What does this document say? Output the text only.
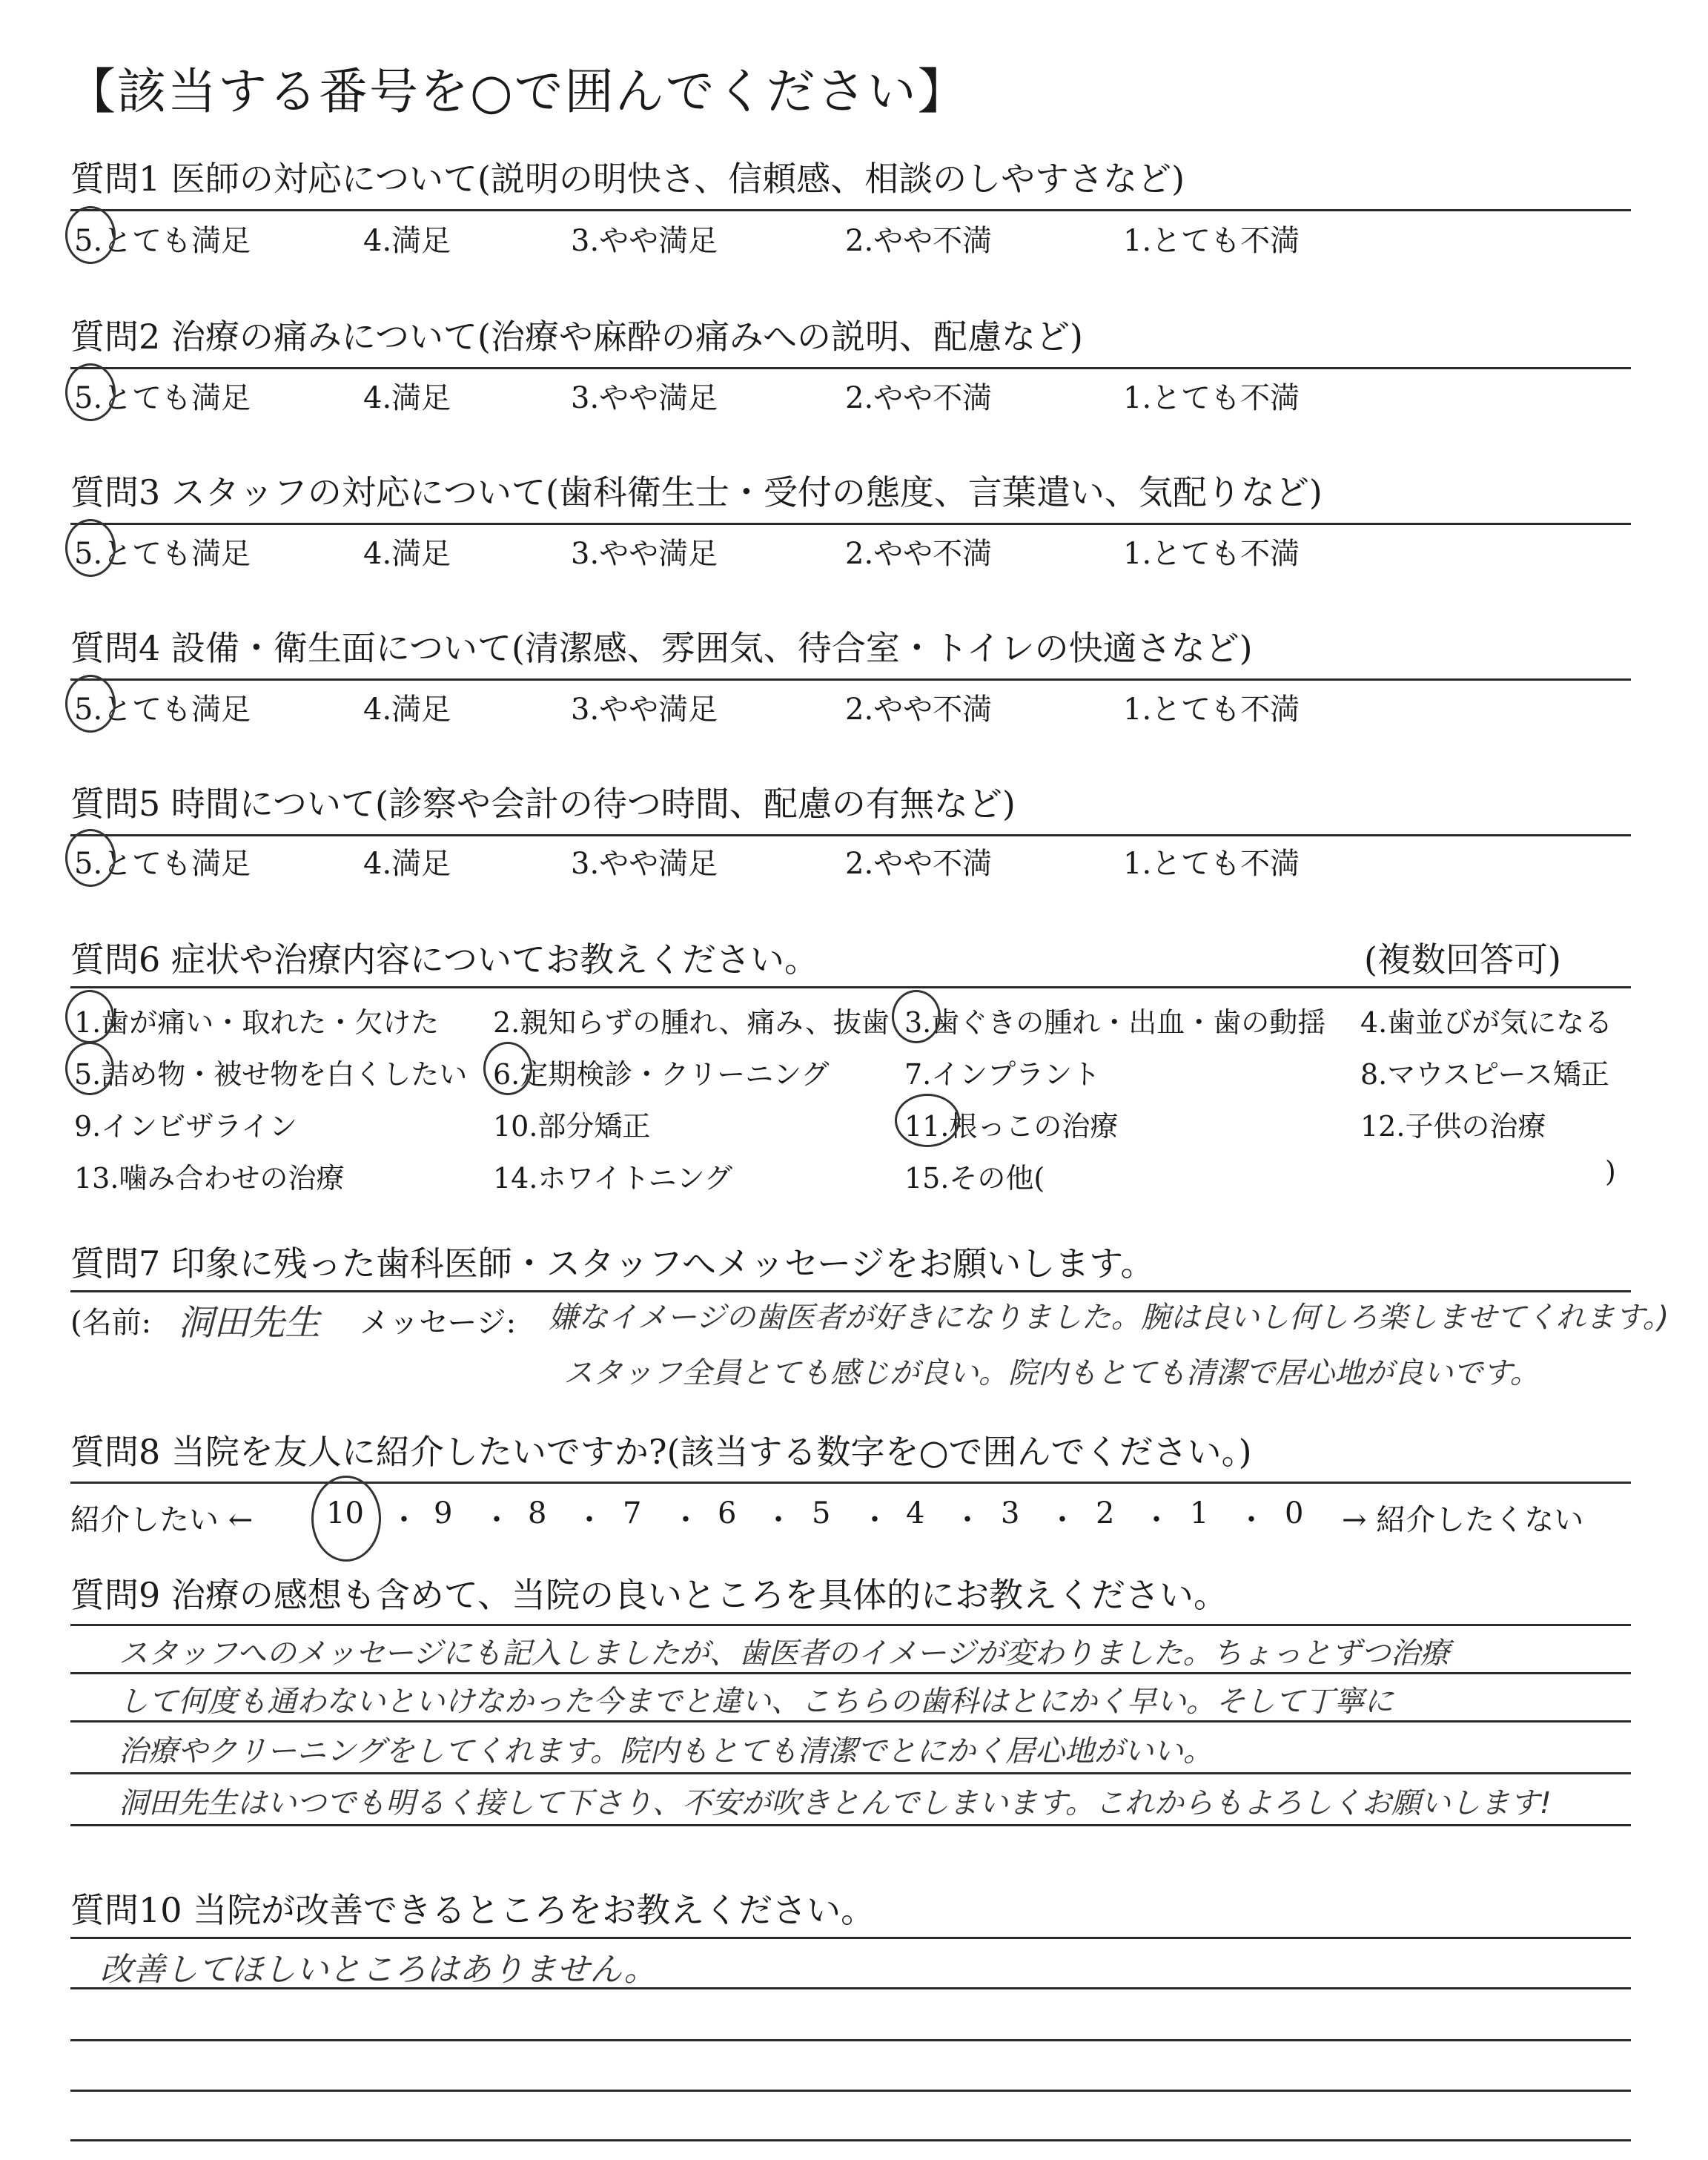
【該当する番号を○で囲んでください】
質問1 医師の対応について(説明の明快さ、信頼感、相談のしやすさなど)
5.とても満足	4.満足	3.やや満足	2.やや不満	1.とても不満
質問2 治療の痛みについて(治療や麻酔の痛みへの説明、配慮など)
5.とても満足	4.満足	3.やや満足	2.やや不満	1.とても不満
質問3 スタッフの対応について(歯科衛生士・受付の態度、言葉遣い、気配りなど)
5.とても満足	4.満足	3.やや満足	2.やや不満	1.とても不満
質問4 設備・衛生面について(清潔感、雰囲気、待合室・トイレの快適さなど)
5.とても満足	4.満足	3.やや満足	2.やや不満	1.とても不満
質問5 時間について(診察や会計の待つ時間、配慮の有無など)
5.とても満足	4.満足	3.やや満足	2.やや不満	1.とても不満
質問6 症状や治療内容についてお教えください。	(複数回答可)
1.歯が痛い・取れた・欠けた 2.親知らずの腫れ、痛み、抜歯 3.歯ぐきの腫れ・出血・歯の動揺 4.歯並びが気になる
5.詰め物・被せ物を白くしたい 6.定期検診・クリーニング	7.インプラント	8.マウスピース矯正
9.インビザライン	10.部分矯正	11.根っこの治療	12.子供の治療
13.噛み合わせの治療	14.ホワイトニング	15.その他(	)
質問7 印象に残った歯科医師・スタッフへメッセージをお願いします。
(名前: 洞田先生 メッセージ: 嫌なイメージの歯医者が好きになりました。腕は良いし何しろ楽しませてくれます。)
スタッフ全員とても感じが良い。院内もとても清潔で居心地が良いです。
質問8 当院を友人に紹介したいですか?(該当する数字を○で囲んでください。)
紹介したい ← 10 ・ 9 ・ 8 ・ 7 ・ 6 ・ 5 ・ 4 ・ 3 ・ 2 ・ 1 ・ 0 → 紹介したくない
質問9 治療の感想も含めて、当院の良いところを具体的にお教えください。
スタッフへのメッセージにも記入しましたが、歯医者のイメージが変わりました。ちょっとずつ治療
して何度も通わないといけなかった今までと違い、こちらの歯科はとにかく早い。そして丁寧に
治療やクリーニングをしてくれます。院内もとても清潔でとにかく居心地がいい。
洞田先生はいつでも明るく接して下さり、不安が吹きとんでしまいます。これからもよろしくお願いします!
質問10 当院が改善できるところをお教えください。
改善してほしいところはありません。
